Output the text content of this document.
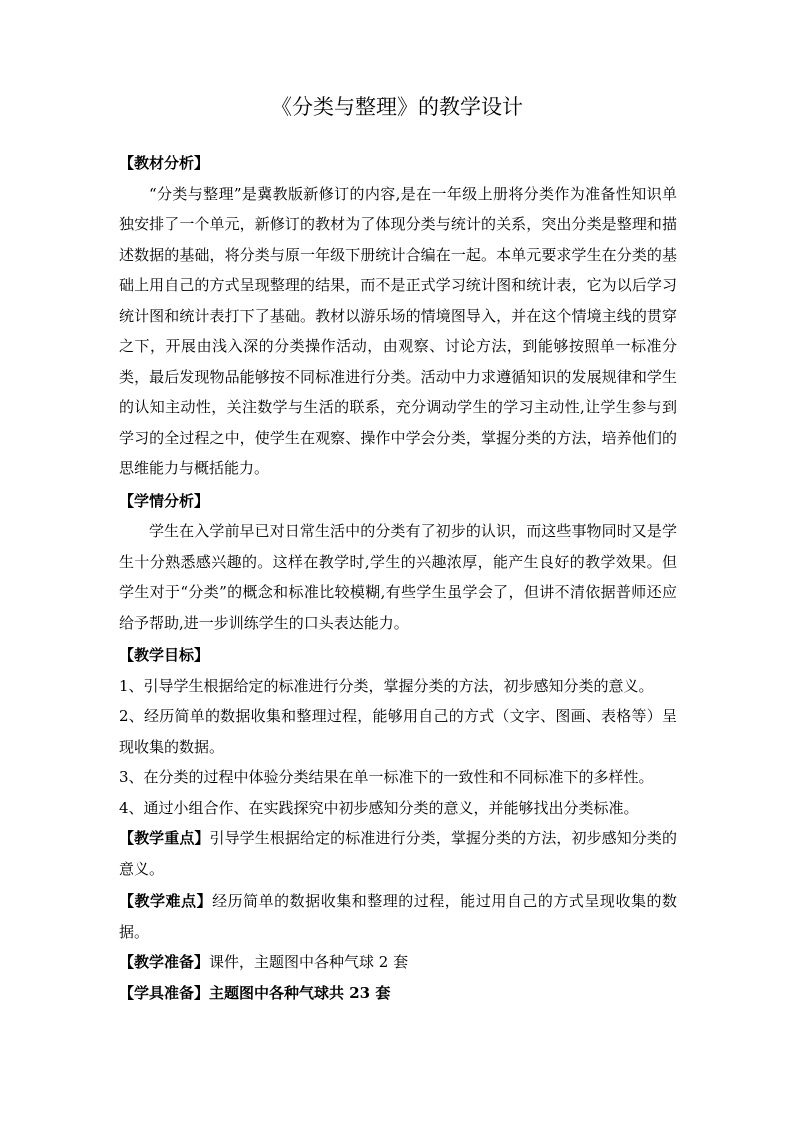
《分类与整理》的教学设计

【教材分析】

“分类与整理”是冀教版新修订的内容,是在一年级上册将分类作为准备性知识单独安排了一个单元，新修订的教材为了体现分类与统计的关系，突出分类是整理和描述数据的基础，将分类与原一年级下册统计合编在一起。本单元要求学生在分类的基础上用自己的方式呈现整理的结果，而不是正式学习统计图和统计表，它为以后学习统计图和统计表打下了基础。教材以游乐场的情境图导入，并在这个情境主线的贯穿之下，开展由浅入深的分类操作活动，由观察、讨论方法，到能够按照单一标准分类，最后发现物品能够按不同标准进行分类。活动中力求遵循知识的发展规律和学生的认知主动性，关注数学与生活的联系，充分调动学生的学习主动性,让学生参与到学习的全过程之中，使学生在观察、操作中学会分类，掌握分类的方法，培养他们的思维能力与概括能力。

【学情分析】

学生在入学前早已对日常生活中的分类有了初步的认识，而这些事物同时又是学生十分熟悉感兴趣的。这样在教学时,学生的兴趣浓厚，能产生良好的教学效果。但学生对于“分类”的概念和标准比较模糊,有些学生虽学会了，但讲不清依据普师还应给予帮助,进一步训练学生的口头表达能力。

【教学目标】

1、引导学生根据给定的标准进行分类，掌握分类的方法，初步感知分类的意义。

2、经历简单的数据收集和整理过程，能够用自己的方式（文字、图画、表格等）呈现收集的数据。

3、在分类的过程中体验分类结果在单一标准下的一致性和不同标准下的多样性。

4、通过小组合作、在实践探究中初步感知分类的意义，并能够找出分类标准。

【教学重点】引导学生根据给定的标准进行分类，掌握分类的方法，初步感知分类的意义。

【教学难点】经历简单的数据收集和整理的过程，能过用自己的方式呈现收集的数据。

【教学准备】课件，主题图中各种气球 2 套

【学具准备】主题图中各种气球共 23 套
